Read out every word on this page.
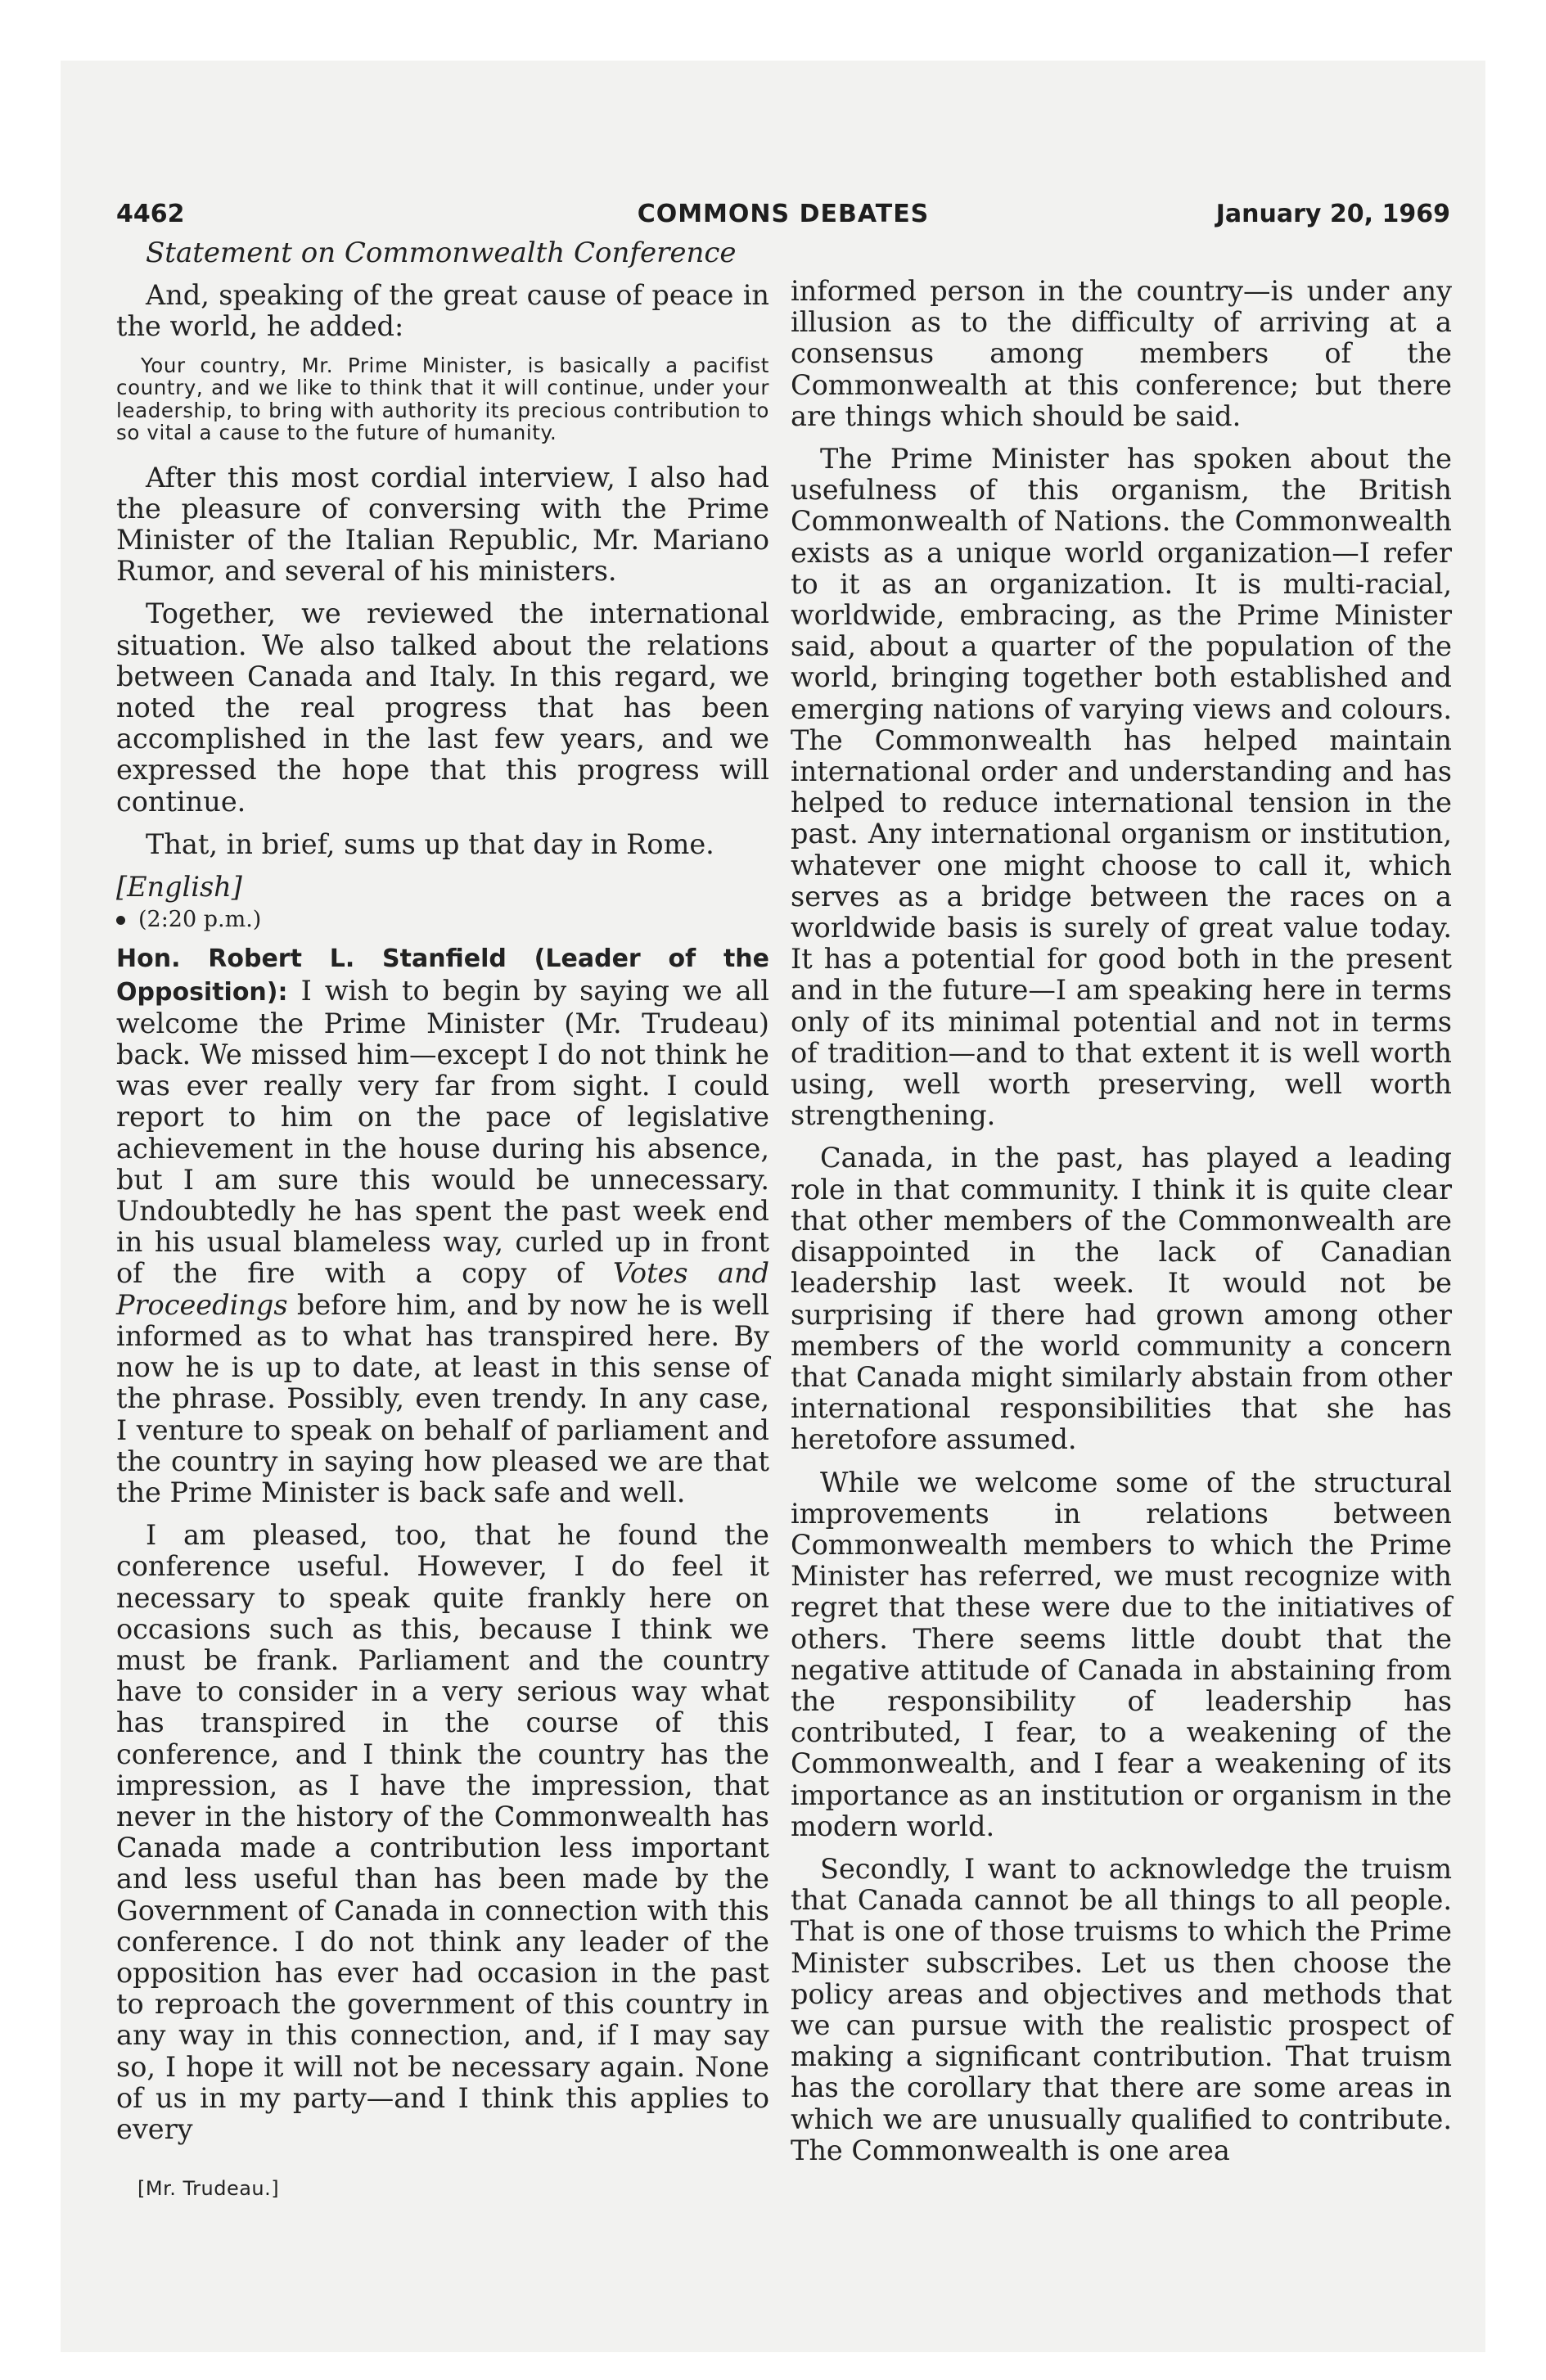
4462	COMMONS DEBATES	January 20, 1969

Statement on Commonwealth Conference

And, speaking of the great cause of peace in the world, he added:

Your country, Mr. Prime Minister, is basically a pacifist country, and we like to think that it will continue, under your leadership, to bring with authority its precious contribution to so vital a cause to the future of humanity.

After this most cordial interview, I also had the pleasure of conversing with the Prime Minister of the Italian Republic, Mr. Mariano Rumor, and several of his ministers.

Together, we reviewed the international situation. We also talked about the relations between Canada and Italy. In this regard, we noted the real progress that has been accomplished in the last few years, and we expressed the hope that this progress will continue.

That, in brief, sums up that day in Rome.

[English]

(2:20 p.m.)

Hon. Robert L. Stanfield (Leader of the Opposition): I wish to begin by saying we all welcome the Prime Minister (Mr. Trudeau) back. We missed him—except I do not think he was ever really very far from sight. I could report to him on the pace of legislative achievement in the house during his absence, but I am sure this would be unnecessary. Undoubtedly he has spent the past week end in his usual blameless way, curled up in front of the fire with a copy of Votes and Proceedings before him, and by now he is well informed as to what has transpired here. By now he is up to date, at least in this sense of the phrase. Possibly, even trendy. In any case, I venture to speak on behalf of parliament and the country in saying how pleased we are that the Prime Minister is back safe and well.

I am pleased, too, that he found the conference useful. However, I do feel it necessary to speak quite frankly here on occasions such as this, because I think we must be frank. Parliament and the country have to consider in a very serious way what has transpired in the course of this conference, and I think the country has the impression, as I have the impression, that never in the history of the Commonwealth has Canada made a contribution less important and less useful than has been made by the Government of Canada in connection with this conference. I do not think any leader of the opposition has ever had occasion in the past to reproach the government of this country in any way in this connection, and, if I may say so, I hope it will not be necessary again. None of us in my party—and I think this applies to every

informed person in the country—is under any illusion as to the difficulty of arriving at a consensus among members of the Commonwealth at this conference; but there are things which should be said.

The Prime Minister has spoken about the usefulness of this organism, the British Commonwealth of Nations. the Commonwealth exists as a unique world organization—I refer to it as an organization. It is multi-racial, worldwide, embracing, as the Prime Minister said, about a quarter of the population of the world, bringing together both established and emerging nations of varying views and colours. The Commonwealth has helped maintain international order and understanding and has helped to reduce international tension in the past. Any international organism or institution, whatever one might choose to call it, which serves as a bridge between the races on a worldwide basis is surely of great value today. It has a potential for good both in the present and in the future—I am speaking here in terms only of its minimal potential and not in terms of tradition—and to that extent it is well worth using, well worth preserving, well worth strengthening.

Canada, in the past, has played a leading role in that community. I think it is quite clear that other members of the Commonwealth are disappointed in the lack of Canadian leadership last week. It would not be surprising if there had grown among other members of the world community a concern that Canada might similarly abstain from other international responsibilities that she has heretofore assumed.

While we welcome some of the structural improvements in relations between Commonwealth members to which the Prime Minister has referred, we must recognize with regret that these were due to the initiatives of others. There seems little doubt that the negative attitude of Canada in abstaining from the responsibility of leadership has contributed, I fear, to a weakening of the Commonwealth, and I fear a weakening of its importance as an institution or organism in the modern world.

Secondly, I want to acknowledge the truism that Canada cannot be all things to all people. That is one of those truisms to which the Prime Minister subscribes. Let us then choose the policy areas and objectives and methods that we can pursue with the realistic prospect of making a significant contribution. That truism has the corollary that there are some areas in which we are unusually qualified to contribute. The Commonwealth is one area

[Mr. Trudeau.]
